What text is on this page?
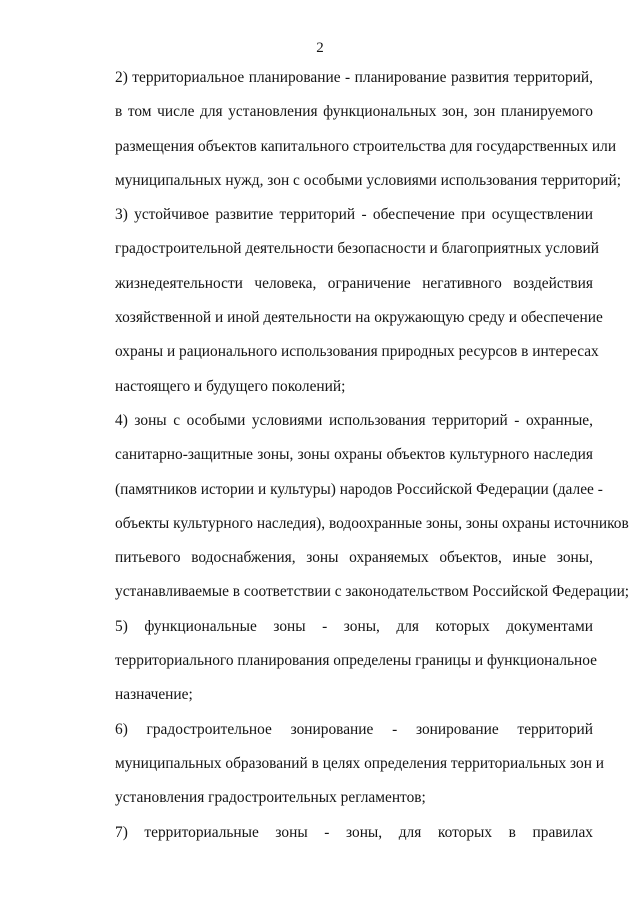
2

2) территориальное планирование - планирование развития территорий,
в том числе для установления функциональных зон, зон планируемого
размещения объектов капитального строительства для государственных или
муниципальных нужд, зон с особыми условиями использования территорий;

3) устойчивое развитие территорий - обеспечение при осуществлении
градостроительной деятельности безопасности и благоприятных условий
жизнедеятельности человека, ограничение негативного воздействия
хозяйственной и иной деятельности на окружающую среду и обеспечение
охраны и рационального использования природных ресурсов в интересах
настоящего и будущего поколений;

4) зоны с особыми условиями использования территорий - охранные,
санитарно-защитные зоны, зоны охраны объектов культурного наследия
(памятников истории и культуры) народов Российской Федерации (далее -
объекты культурного наследия), водоохранные зоны, зоны охраны источников
питьевого водоснабжения, зоны охраняемых объектов, иные зоны,
устанавливаемые в соответствии с законодательством Российской Федерации;

5) функциональные зоны - зоны, для которых документами
территориального планирования определены границы и функциональное
назначение;

6) градостроительное зонирование - зонирование территорий
муниципальных образований в целях определения территориальных зон и
установления градостроительных регламентов;

7) территориальные зоны - зоны, для которых в правилах
